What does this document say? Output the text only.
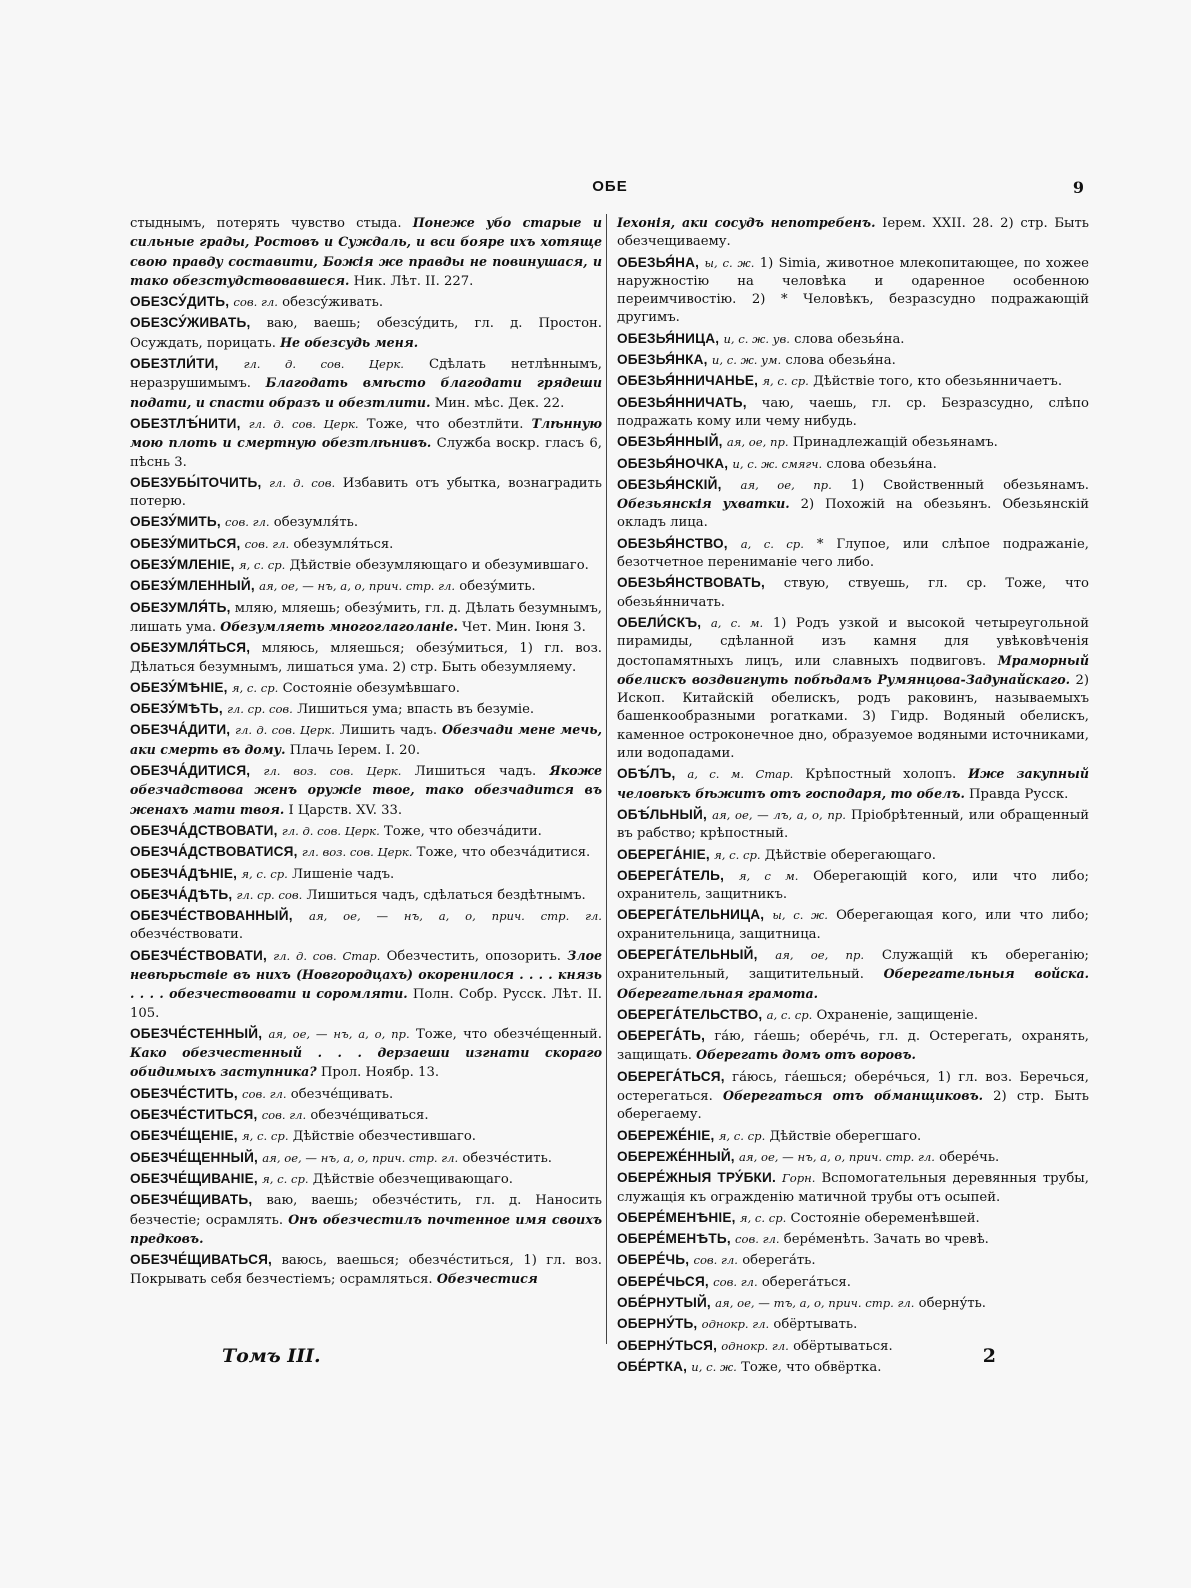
ОБЕ	9
стыднымъ, потерять чувство стыда. Понеже убо старые и сильные грады, Ростовъ и Суждаль, и вси бояре ихъ хотяще свою правду составити, Божія же правды не повинушася, и тако обезстудствовавшеся. Ник. Лѣт. II. 227.
ОБЕЗСУ́ДИТЬ, сов. гл. обезсу́живать.
ОБЕЗСУ́ЖИВАТЬ, ваю, ваешь; обезсу́дить, гл. д. Простон. Осуждать, порицать. Не обезсудь меня.
ОБЕЗТЛИ́ТИ, гл. д. сов. Церк. Сдѣлать нетлѣннымъ, неразрушимымъ. Благодать вмѣсто благодати грядеши подати, и спасти образъ и обезтлити. Мин. мѣс. Дек. 22.
ОБЕЗТЛѢ́НИТИ, гл. д. сов. Церк. Тоже, что обезтлйти. Тлѣнную мою плоть и смертную обезтлѣнивъ. Служба воскр. гласъ 6, пѣснь 3.
ОБЕЗУБЫ́ТОЧИТЬ, гл. д. сов. Избавить отъ убытка, вознаградить потерю.
ОБЕЗУ́МИТЬ, сов. гл. обезумля́ть.
ОБЕЗУ́МИТЬСЯ, сов. гл. обезумля́ться.
ОБЕЗУ́МЛЕНІЕ, я, с. ср. Дѣйствіе обезумляющаго и обезумившаго.
ОБЕЗУ́МЛЕННЫЙ, ая, ое, — нъ, а, о, прич. стр. гл. обезу́мить.
ОБЕЗУМЛЯ́ТЬ, мляю, мляешь; обезу́мить, гл. д. Дѣлать безумнымъ, лишать ума. Обезумляеть многоглаголаніе. Чет. Мин. Іюня 3.
ОБЕЗУМЛЯ́ТЬСЯ, мляюсь, мляешься; обезу́миться, 1) гл. воз. Дѣлаться безумнымъ, лишаться ума. 2) стр. Быть обезумляему.
ОБЕЗУ́МѢНІЕ, я, с. ср. Состояніе обезумѣвшаго.
ОБЕЗУ́МѢТЬ, гл. ср. сов. Лишиться ума; впасть въ безуміе.
ОБЕЗЧА́ДИТИ, гл. д. сов. Церк. Лишить чадъ. Обезчади мене мечь, аки смерть въ дому. Плачь Іерем. I. 20.
ОБЕЗЧА́ДИТИСЯ, гл. воз. сов. Церк. Лишиться чадъ. Якоже обезчадствова женъ оружіе твое, тако обезчадится въ женахъ мати твоя. I Царств. XV. 33.
ОБЕЗЧА́ДСТВОВАТИ, гл. д. сов. Церк. Тоже, что обезча́дити.
ОБЕЗЧА́ДСТВОВАТИСЯ, гл. воз. сов. Церк. Тоже, что обезча́дитися.
ОБЕЗЧА́ДѢНІЕ, я, с. ср. Лишеніе чадъ.
ОБЕЗЧА́ДѢТЬ, гл. ср. сов. Лишиться чадъ, сдѣлаться бездѣтнымъ.
ОБЕЗЧЕ́СТВОВАННЫЙ, ая, ое, — нъ, а, о, прич. стр. гл. обезче́ствовати.
ОБЕЗЧЕ́СТВОВАТИ, гл. д. сов. Стар. Обезчестить, опозорить. Злое невѣрьствіе въ нихъ (Новгородцахъ) окоренилося . . . . князь . . . . обезчествовати и соромляти. Полн. Собр. Русск. Лѣт. II. 105.
ОБЕЗЧЕ́СТЕННЫЙ, ая, ое, — нъ, а, о, пр. Тоже, что обезче́щенный. Како обезчестенный . . . дерзаеши изгнати скораго обидимыхъ заступника? Прол. Ноябр. 13.
ОБЕЗЧЕ́СТИТЬ, сов. гл. обезче́щивать.
ОБЕЗЧЕ́СТИТЬСЯ, сов. гл. обезче́щиваться.
ОБЕЗЧЕ́ЩЕНІЕ, я, с. ср. Дѣйствіе обезчестившаго.
ОБЕЗЧЕ́ЩЕННЫЙ, ая, ое, — нъ, а, о, прич. стр. гл. обезче́стить.
ОБЕЗЧЕ́ЩИВАНІЕ, я, с. ср. Дѣйствіе обезчещивающаго.
ОБЕЗЧЕ́ЩИВАТЬ, ваю, ваешь; обезче́стить, гл. д. Наносить безчестіе; осрамлять. Онъ обезчестилъ почтенное имя своихъ предковъ.
ОБЕЗЧЕ́ЩИВАТЬСЯ, ваюсь, ваешься; обезче́ститься, 1) гл. воз. Покрывать себя безчестіемъ; осрамляться. Обезчестися
Іехонія, аки сосудъ непотребенъ. Іерем. XXII. 28. 2) стр. Быть обезчещиваему.
ОБЕЗЬЯ́НА, ы, с. ж. 1) Simia, животное млекопитающее, по хожее наружностію на человѣка и одаренное особенною переимчивостію. 2) * Человѣкъ, безразсудно подражающій другимъ.
ОБЕЗЬЯ́НИЦА, и, с. ж. ув. слова обезья́на.
ОБЕЗЬЯ́НКА, и, с. ж. ум. слова обезья́на.
ОБЕЗЬЯ́ННИЧАНЬЕ, я, с. ср. Дѣйствіе того, кто обезьянничаетъ.
ОБЕЗЬЯ́ННИЧАТЬ, чаю, чаешь, гл. ср. Безразсудно, слѣпо подражать кому или чему нибудь.
ОБЕЗЬЯ́ННЫЙ, ая, ое, пр. Принадлежащій обезьянамъ.
ОБЕЗЬЯ́НОЧКА, и, с. ж. смягч. слова обезья́на.
ОБЕЗЬЯ́НСКІЙ, ая, ое, пр. 1) Свойственный обезьянамъ. Обезьянскія ухватки. 2) Похожій на обезьянъ. Обезьянскій окладъ лица.
ОБЕЗЬЯ́НСТВО, а, с. ср. * Глупое, или слѣпое подражаніе, безотчетное перениманіе чего либо.
ОБЕЗЬЯ́НСТВОВАТЬ, ствую, ствуешь, гл. ср. Тоже, что обезья́нничать.
ОБЕЛИ́СКЪ, а, с. м. 1) Родъ узкой и высокой четыреугольной пирамиды, сдѣланной изъ камня для увѣковѣченія достопамятныхъ лицъ, или славныхъ подвиговъ. Мраморный обелискъ воздвигнуть побѣдамъ Румянцова-Задунайскаго. 2) Ископ. Китайскій обелискъ, родъ раковинъ, называемыхъ башенкообразными рогатками. 3) Гидр. Водяный обелискъ, каменное остроконечное дно, образуемое водяными источниками, или водопадами.
ОБѢ́ЛЪ, а, с. м. Стар. Крѣпостный холопъ. Иже закупный человѣкъ бѣжитъ отъ господаря, то обелъ. Правда Русск.
ОБѢ́ЛЬНЫЙ, ая, ое, — лъ, а, о, пр. Пріобрѣтенный, или обращенный въ рабство; крѣпостный.
ОБЕРЕГА́НІЕ, я, с. ср. Дѣйствіе оберегающаго.
ОБЕРЕГА́ТЕЛЬ, я, с м. Оберегающій кого, или что либо; охранитель, защитникъ.
ОБЕРЕГА́ТЕЛЬНИЦА, ы, с. ж. Оберегающая кого, или что либо; охранительница, защитница.
ОБЕРЕГА́ТЕЛЬНЫЙ, ая, ое, пр. Служащій къ обереганію; охранительный, защитительный. Оберегательныя войска. Оберегательная грамота.
ОБЕРЕГА́ТЕЛЬСТВО, а, с. ср. Охраненіе, защищеніе.
ОБЕРЕГА́ТЬ, га́ю, га́ешь; обере́чь, гл. д. Остерегать, охранять, защищать. Оберегать домъ отъ воровъ.
ОБЕРЕГА́ТЬСЯ, га́юсь, га́ешься; обере́чься, 1) гл. воз. Беречься, остерегаться. Оберегаться отъ обманщиковъ. 2) стр. Быть оберегаему.
ОБЕРЕЖЕ́НІЕ, я, с. ср. Дѣйствіе оберегшаго.
ОБЕРЕЖЕ́ННЫЙ, ая, ое, — нъ, а, о, прич. стр. гл. обере́чь.
ОБЕРЕ́ЖНЫЯ ТРУ́БКИ. Горн. Вспомогательныя деревянныя трубы, служащія къ огражденію матичной трубы отъ осыпей.
ОБЕРЕ́МЕНѢНІЕ, я, с. ср. Состояніе обеременѣвшей.
ОБЕРЕ́МЕНѢТЬ, сов. гл. бере́менѣть. Зачать во чревѣ.
ОБЕРЕ́ЧЬ, сов. гл. оберега́ть.
ОБЕРЕ́ЧЬСЯ, сов. гл. оберега́ться.
ОБЕ́РНУТЫЙ, ая, ое, — тъ, а, о, прич. стр. гл. оберну́ть.
ОБЕРНУ́ТЬ, однокр. гл. обёртывать.
ОБЕРНУ́ТЬСЯ, однокр. гл. обёртываться.
ОБЕ́РТКА, и, с. ж. Тоже, что обвёртка.
Томъ III.	2
